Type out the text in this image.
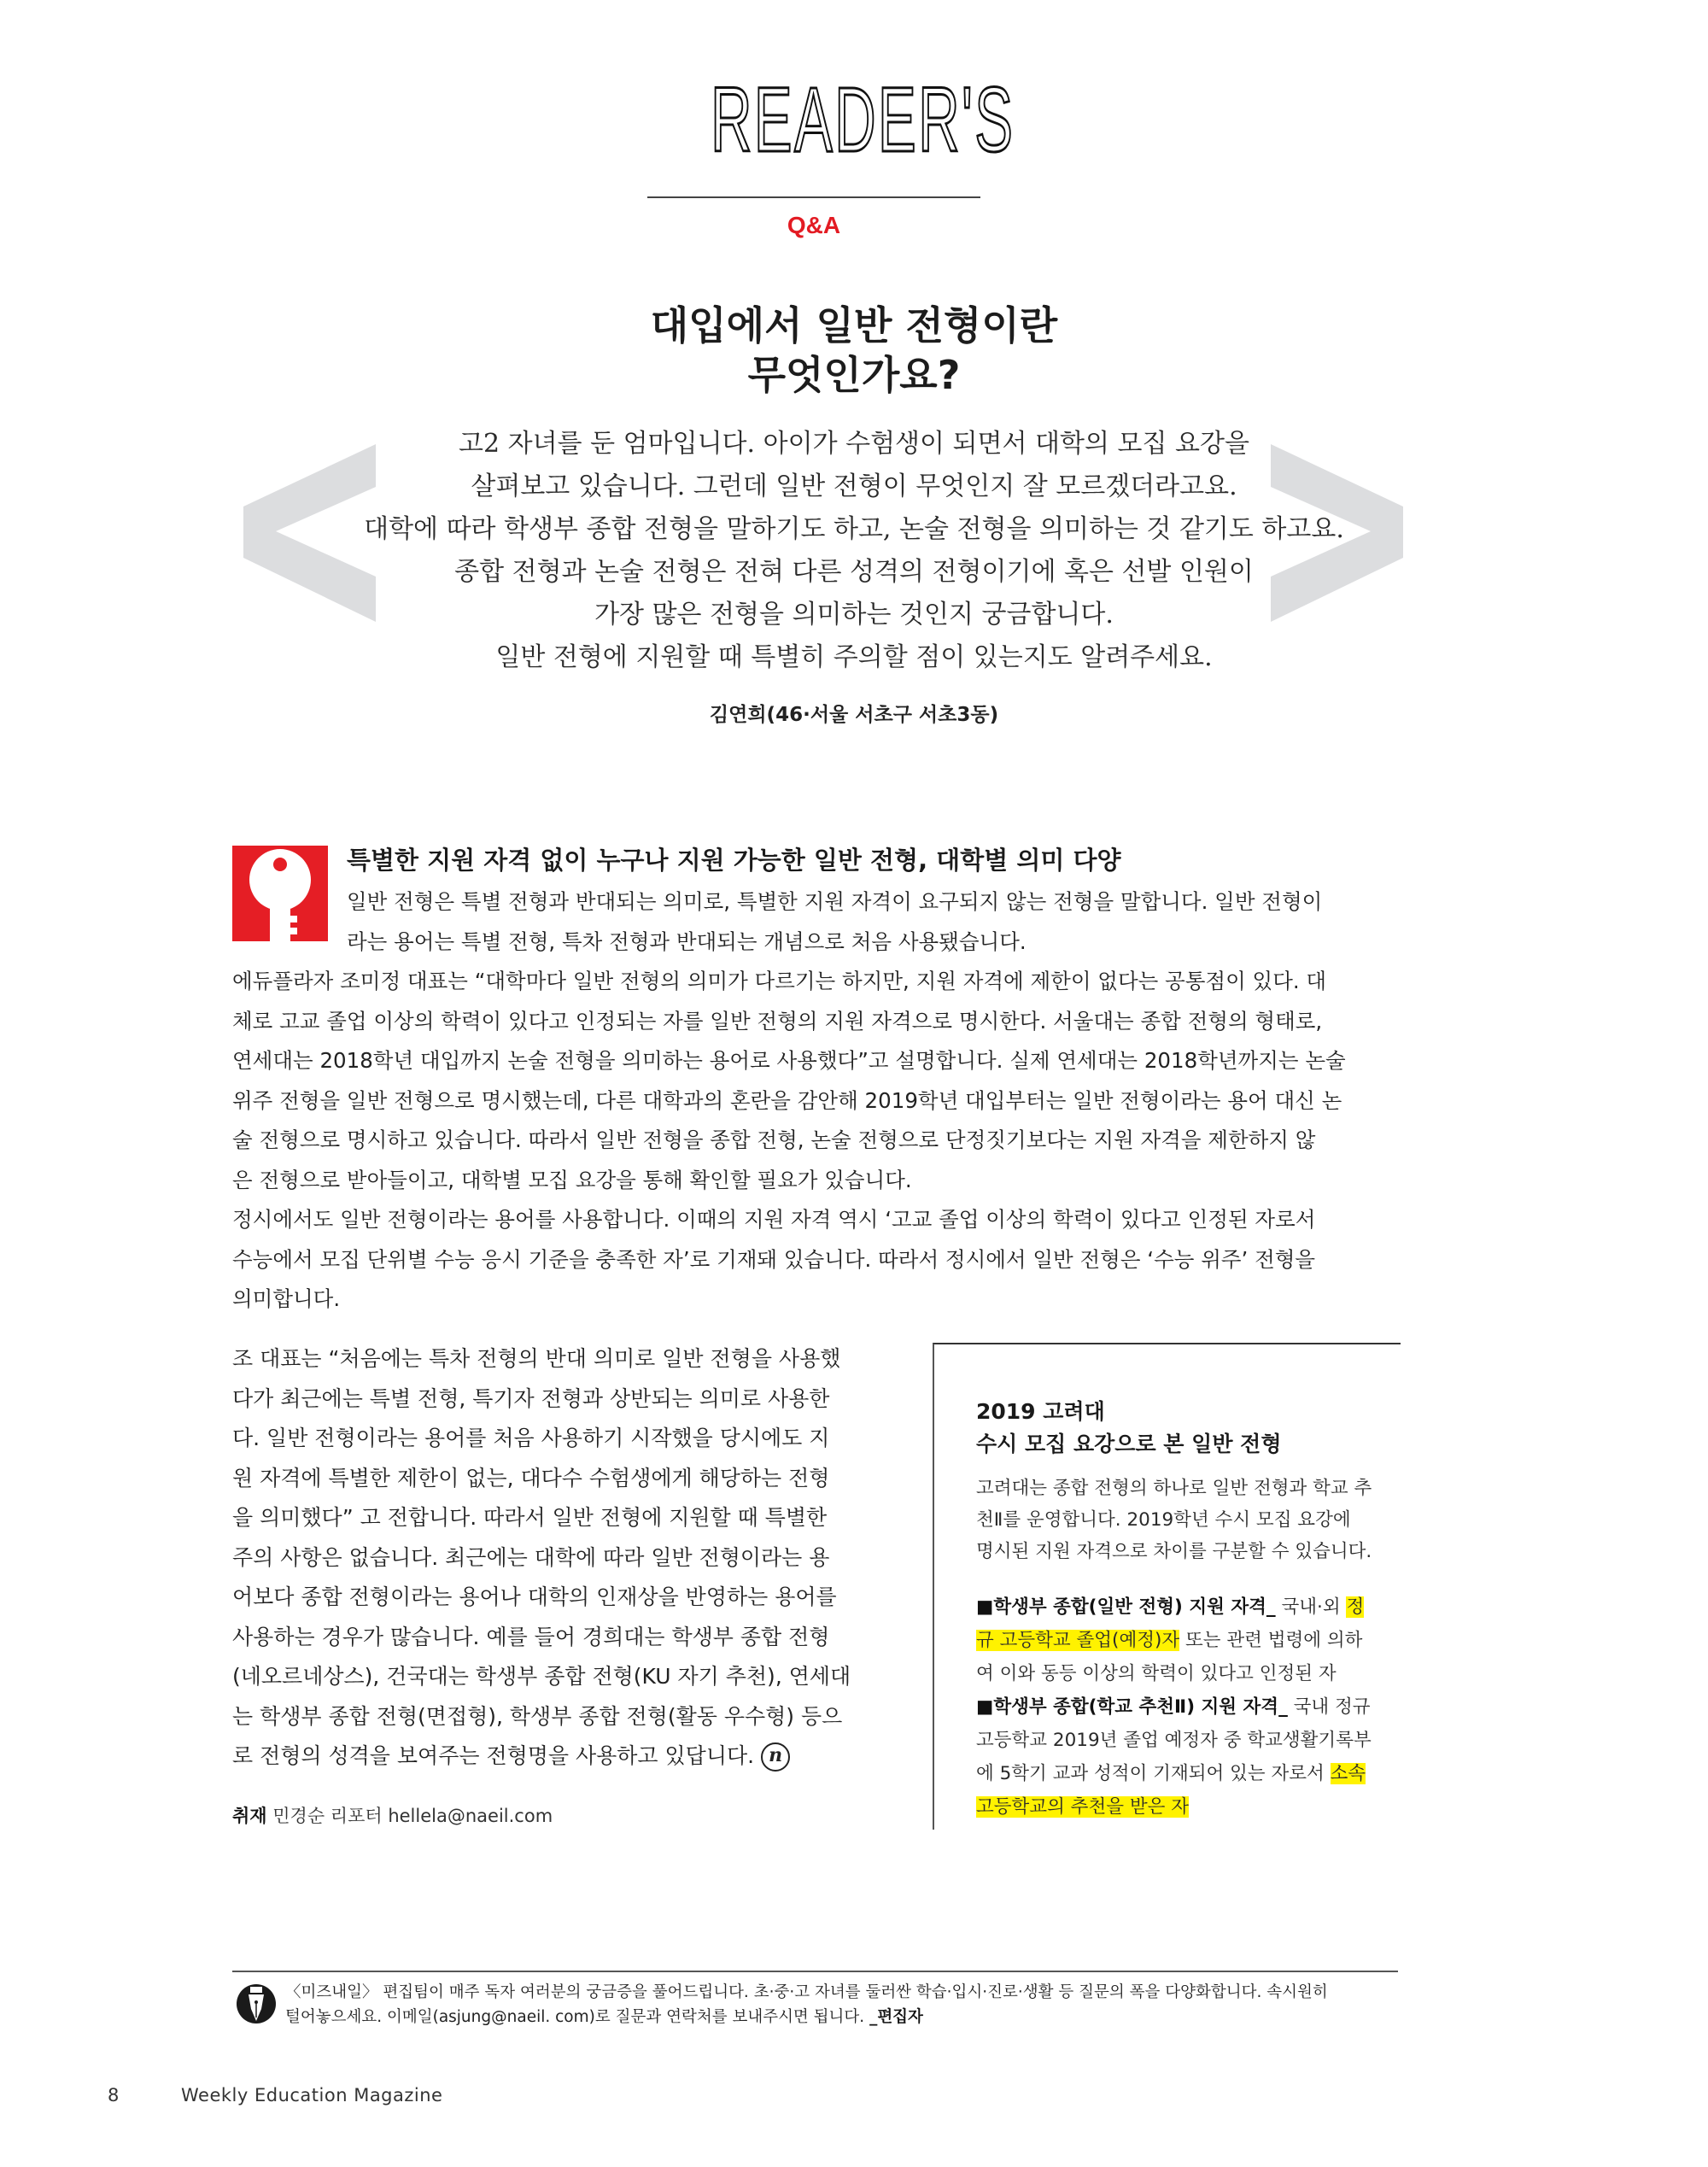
READER'S
Q&A
대입에서 일반 전형이란
무엇인가요?
고2 자녀를 둔 엄마입니다. 아이가 수험생이 되면서 대학의 모집 요강을
살펴보고 있습니다. 그런데 일반 전형이 무엇인지 잘 모르겠더라고요.
대학에 따라 학생부 종합 전형을 말하기도 하고, 논술 전형을 의미하는 것 같기도 하고요.
종합 전형과 논술 전형은 전혀 다른 성격의 전형이기에 혹은 선발 인원이
가장 많은 전형을 의미하는 것인지 궁금합니다.
일반 전형에 지원할 때 특별히 주의할 점이 있는지도 알려주세요.
김연희(46·서울 서초구 서초3동)
특별한 지원 자격 없이 누구나 지원 가능한 일반 전형, 대학별 의미 다양
일반 전형은 특별 전형과 반대되는 의미로, 특별한 지원 자격이 요구되지 않는 전형을 말합니다. 일반 전형이
라는 용어는 특별 전형, 특차 전형과 반대되는 개념으로 처음 사용됐습니다.
에듀플라자 조미정 대표는 “대학마다 일반 전형의 의미가 다르기는 하지만, 지원 자격에 제한이 없다는 공통점이 있다. 대
체로 고교 졸업 이상의 학력이 있다고 인정되는 자를 일반 전형의 지원 자격으로 명시한다. 서울대는 종합 전형의 형태로,
연세대는 2018학년 대입까지 논술 전형을 의미하는 용어로 사용했다”고 설명합니다. 실제 연세대는 2018학년까지는 논술
위주 전형을 일반 전형으로 명시했는데, 다른 대학과의 혼란을 감안해 2019학년 대입부터는 일반 전형이라는 용어 대신 논
술 전형으로 명시하고 있습니다. 따라서 일반 전형을 종합 전형, 논술 전형으로 단정짓기보다는 지원 자격을 제한하지 않
은 전형으로 받아들이고, 대학별 모집 요강을 통해 확인할 필요가 있습니다.
정시에서도 일반 전형이라는 용어를 사용합니다. 이때의 지원 자격 역시 ‘고교 졸업 이상의 학력이 있다고 인정된 자로서
수능에서 모집 단위별 수능 응시 기준을 충족한 자’로 기재돼 있습니다. 따라서 정시에서 일반 전형은 ‘수능 위주’ 전형을
의미합니다.
조 대표는 “처음에는 특차 전형의 반대 의미로 일반 전형을 사용했
다가 최근에는 특별 전형, 특기자 전형과 상반되는 의미로 사용한
다. 일반 전형이라는 용어를 처음 사용하기 시작했을 당시에도 지
원 자격에 특별한 제한이 없는, 대다수 수험생에게 해당하는 전형
을 의미했다” 고 전합니다. 따라서 일반 전형에 지원할 때 특별한
주의 사항은 없습니다. 최근에는 대학에 따라 일반 전형이라는 용
어보다 종합 전형이라는 용어나 대학의 인재상을 반영하는 용어를
사용하는 경우가 많습니다. 예를 들어 경희대는 학생부 종합 전형
(네오르네상스), 건국대는 학생부 종합 전형(KU 자기 추천), 연세대
는 학생부 종합 전형(면접형), 학생부 종합 전형(활동 우수형) 등으
로 전형의 성격을 보여주는 전형명을 사용하고 있답니다. n
취재 민경순 리포터 hellela@naeil.com
2019 고려대
수시 모집 요강으로 본 일반 전형
고려대는 종합 전형의 하나로 일반 전형과 학교 추
천Ⅱ를 운영합니다. 2019학년 수시 모집 요강에
명시된 지원 자격으로 차이를 구분할 수 있습니다.
■학생부 종합(일반 전형) 지원 자격_ 국내·외 정
규 고등학교 졸업(예정)자 또는 관련 법령에 의하
여 이와 동등 이상의 학력이 있다고 인정된 자
■학생부 종합(학교 추천Ⅱ) 지원 자격_ 국내 정규
고등학교 2019년 졸업 예정자 중 학교생활기록부
에 5학기 교과 성적이 기재되어 있는 자로서 소속
고등학교의 추천을 받은 자
〈미즈내일〉 편집팀이 매주 독자 여러분의 궁금증을 풀어드립니다. 초·중·고 자녀를 둘러싼 학습·입시·진로·생활 등 질문의 폭을 다양화합니다. 속시원히
털어놓으세요. 이메일(asjung@naeil. com)로 질문과 연락처를 보내주시면 됩니다. _편집자
8	Weekly Education Magazine
